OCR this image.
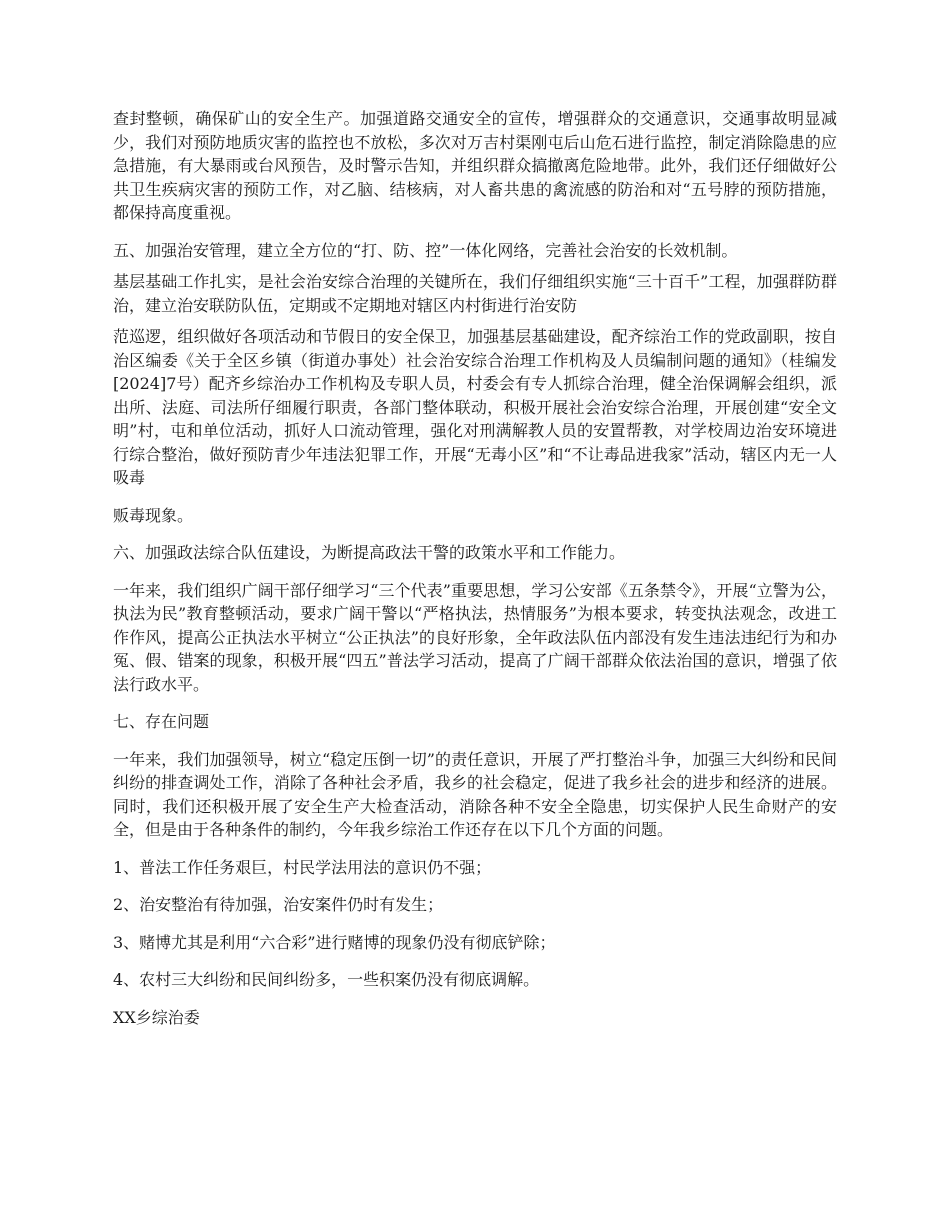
查封整顿，确保矿山的安全生产。加强道路交通安全的宣传，增强群众的交通意识，交通事故明显减少，我们对预防地质灾害的监控也不放松，多次对万吉村渠刚屯后山危石进行监控，制定消除隐患的应急措施，有大暴雨或台风预告，及时警示告知，并组织群众搞撤离危险地带。此外，我们还仔细做好公共卫生疾病灾害的预防工作，对乙脑、结核病，对人畜共患的禽流感的防治和对“五号脖的预防措施，都保持高度重视。

五、加强治安管理，建立全方位的“打、防、控”一体化网络，完善社会治安的长效机制。

基层基础工作扎实，是社会治安综合治理的关键所在，我们仔细组织实施“三十百千”工程，加强群防群治，建立治安联防队伍，定期或不定期地对辖区内村街进行治安防

范巡逻，组织做好各项活动和节假日的安全保卫，加强基层基础建设，配齐综治工作的党政副职，按自治区编委《关于全区乡镇（街道办事处）社会治安综合治理工作机构及人员编制问题的通知》（桂编发[2024]7号）配齐乡综治办工作机构及专职人员，村委会有专人抓综合治理，健全治保调解会组织，派出所、法庭、司法所仔细履行职责，各部门整体联动，积极开展社会治安综合治理，开展创建“安全文明”村，屯和单位活动，抓好人口流动管理，强化对刑满解教人员的安置帮教，对学校周边治安环境进行综合整治，做好预防青少年违法犯罪工作，开展“无毒小区”和“不让毒品进我家”活动，辖区内无一人吸毒

贩毒现象。

六、加强政法综合队伍建设，为断提高政法干警的政策水平和工作能力。

一年来，我们组织广阔干部仔细学习“三个代表”重要思想，学习公安部《五条禁令》，开展“立警为公，执法为民”教育整顿活动，要求广阔干警以“严格执法，热情服务”为根本要求，转变执法观念，改进工作作风，提高公正执法水平树立“公正执法”的良好形象，全年政法队伍内部没有发生违法违纪行为和办冤、假、错案的现象，积极开展“四五”普法学习活动，提高了广阔干部群众依法治国的意识，增强了依法行政水平。

七、存在问题

一年来，我们加强领导，树立“稳定压倒一切”的责任意识，开展了严打整治斗争，加强三大纠纷和民间纠纷的排查调处工作，消除了各种社会矛盾，我乡的社会稳定，促进了我乡社会的进步和经济的进展。同时，我们还积极开展了安全生产大检查活动，消除各种不安全全隐患，切实保护人民生命财产的安全，但是由于各种条件的制约，今年我乡综治工作还存在以下几个方面的问题。

1、普法工作任务艰巨，村民学法用法的意识仍不强；

2、治安整治有待加强，治安案件仍时有发生；

3、赌博尤其是利用“六合彩”进行赌博的现象仍没有彻底铲除；

4、农村三大纠纷和民间纠纷多，一些积案仍没有彻底调解。

XX乡综治委
